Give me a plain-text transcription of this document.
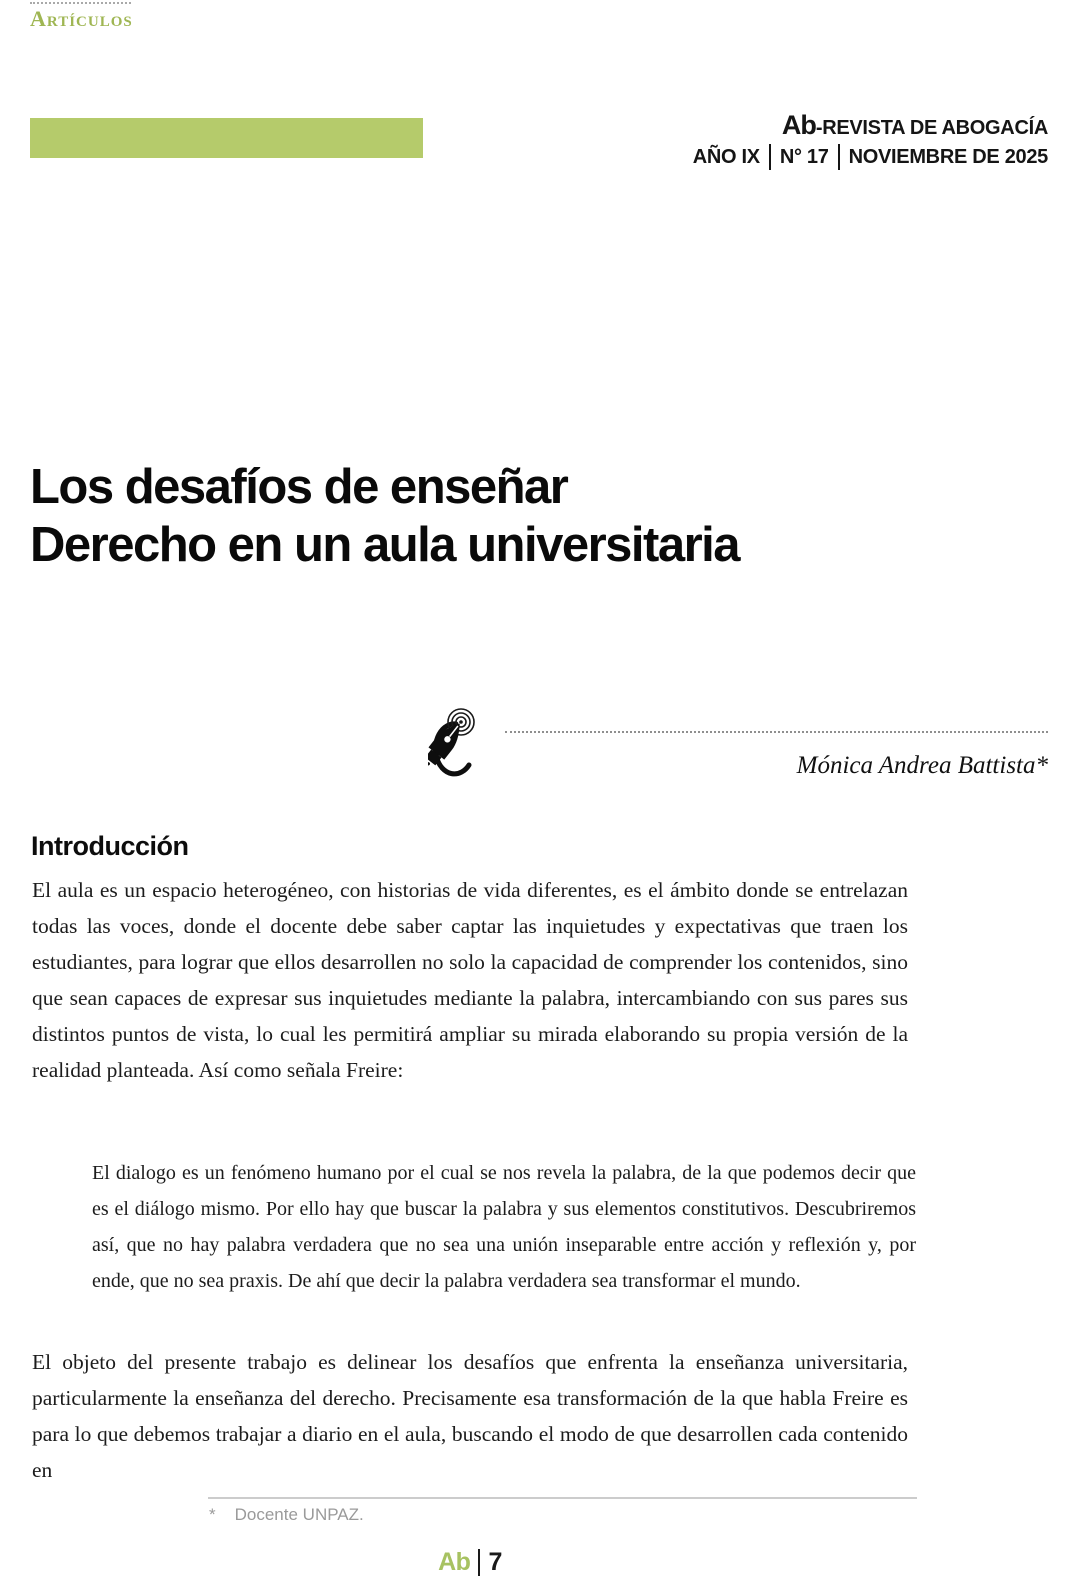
Artículos
Ab-REVISTA DE ABOGACÍA
AÑO IX N° 17 NOVIEMBRE DE 2025
Los desafíos de enseñar
Derecho en un aula universitaria
Mónica Andrea Battista*
Introducción

El aula es un espacio heterogéneo, con historias de vida diferentes, es el ámbito donde se entrelazan todas las voces, donde el docente debe saber captar las inquietudes y expectativas que traen los estudiantes, para lograr que ellos desarrollen no solo la capacidad de comprender los contenidos, sino que sean capaces de expresar sus inquietudes mediante la palabra, intercambiando con sus pares sus distintos puntos de vista, lo cual les permitirá ampliar su mirada elaborando su propia versión de la realidad planteada. Así como señala Freire:

El dialogo es un fenómeno humano por el cual se nos revela la palabra, de la que podemos decir que es el diálogo mismo. Por ello hay que buscar la palabra y sus elementos constitutivos. Descubriremos así, que no hay palabra verdadera que no sea una unión inseparable entre acción y reflexión y, por ende, que no sea praxis. De ahí que decir la palabra verdadera sea transformar el mundo.

El objeto del presente trabajo es delinear los desafíos que enfrenta la enseñanza universitaria, particularmente la enseñanza del derecho. Precisamente esa transformación de la que habla Freire es para lo que debemos trabajar a diario en el aula, buscando el modo de que desarrollen cada contenido en

* Docente UNPAZ.
Ab 7
